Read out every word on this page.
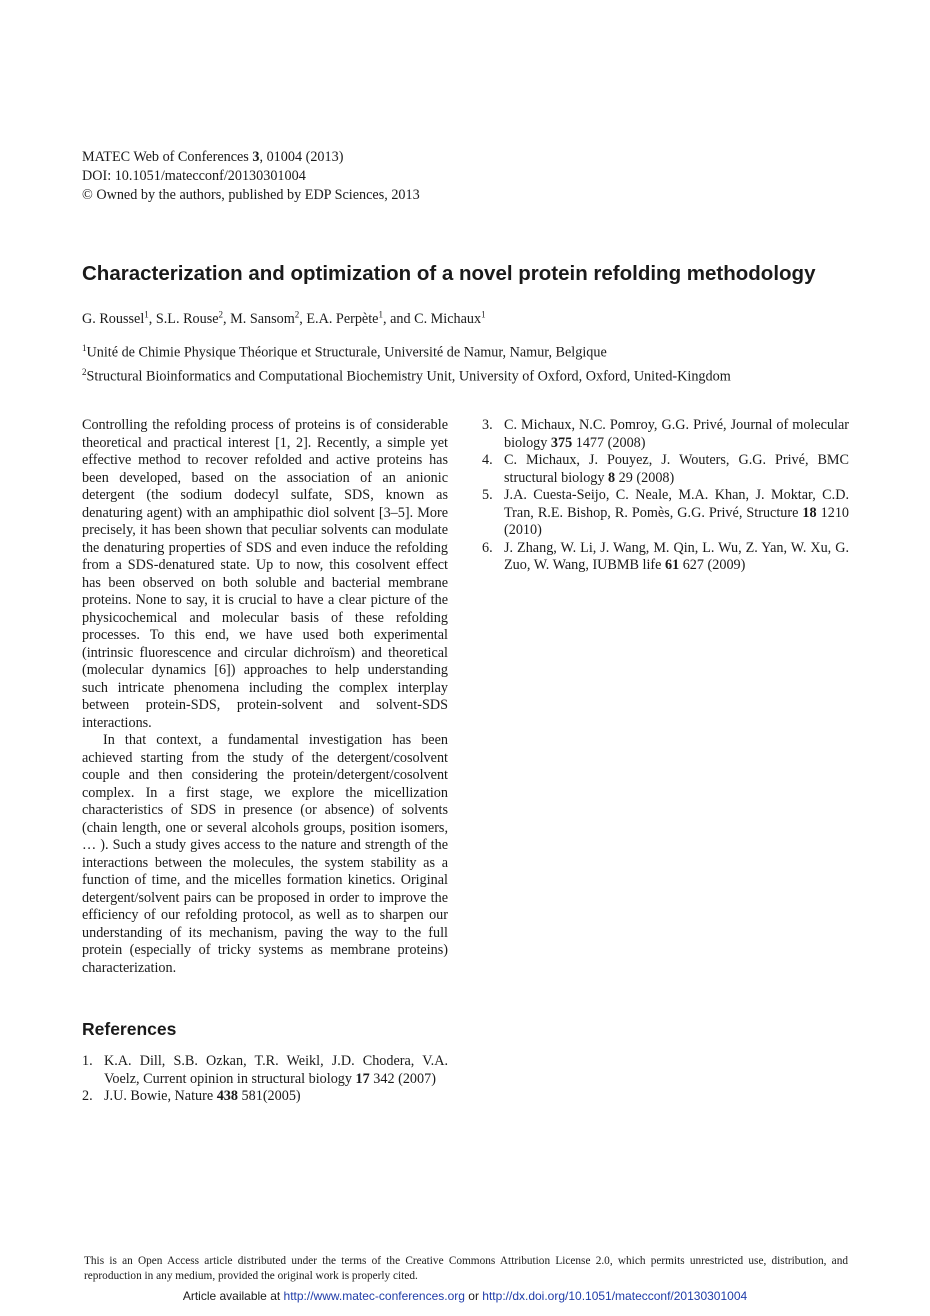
MATEC Web of Conferences 3, 01004 (2013)
DOI: 10.1051/matecconf/20130301004
© Owned by the authors, published by EDP Sciences, 2013
Characterization and optimization of a novel protein refolding methodology
G. Roussel$^1$, S.L. Rouse$^2$, M. Sansom$^2$, E.A. Perpète$^1$, and C. Michaux$^1$
$^1$Unité de Chimie Physique Théorique et Structurale, Université de Namur, Namur, Belgique
$^2$Structural Bioinformatics and Computational Biochemistry Unit, University of Oxford, Oxford, United-Kingdom

Controlling the refolding process of proteins is of considerable theoretical and practical interest [1, 2]. Recently, a simple yet effective method to recover refolded and active proteins has been developed, based on the association of an anionic detergent (the sodium dodecyl sulfate, SDS, known as denaturing agent) with an amphipathic diol solvent [3–5]. More precisely, it has been shown that peculiar solvents can modulate the denaturing properties of SDS and even induce the refolding from a SDS-denatured state. Up to now, this cosolvent effect has been observed on both soluble and bacterial membrane proteins. None to say, it is crucial to have a clear picture of the physicochemical and molecular basis of these refolding processes. To this end, we have used both experimental (intrinsic fluorescence and circular dichroïsm) and theoretical (molecular dynamics [6]) approaches to help understanding such intricate phenomena including the complex interplay between protein-SDS, protein-solvent and solvent-SDS interactions.

In that context, a fundamental investigation has been achieved starting from the study of the detergent/cosolvent couple and then considering the protein/detergent/cosolvent complex. In a first stage, we explore the micellization characteristics of SDS in presence (or absence) of solvents (chain length, one or several alcohols groups, position isomers, … ). Such a study gives access to the nature and strength of the interactions between the molecules, the system stability as a function of time, and the micelles formation kinetics. Original detergent/solvent pairs can be proposed in order to improve the efficiency of our refolding protocol, as well as to sharpen our understanding of its mechanism, paving the way to the full protein (especially of tricky systems as membrane proteins) characterization.

References
1. K.A. Dill, S.B. Ozkan, T.R. Weikl, J.D. Chodera, V.A. Voelz, Current opinion in structural biology 17 342 (2007)
2. J.U. Bowie, Nature 438 581(2005)
3. C. Michaux, N.C. Pomroy, G.G. Privé, Journal of molecular biology 375 1477 (2008)
4. C. Michaux, J. Pouyez, J. Wouters, G.G. Privé, BMC structural biology 8 29 (2008)
5. J.A. Cuesta-Seijo, C. Neale, M.A. Khan, J. Moktar, C.D. Tran, R.E. Bishop, R. Pomès, G.G. Privé, Structure 18 1210 (2010)
6. J. Zhang, W. Li, J. Wang, M. Qin, L. Wu, Z. Yan, W. Xu, G. Zuo, W. Wang, IUBMB life 61 627 (2009)
This is an Open Access article distributed under the terms of the Creative Commons Attribution License 2.0, which permits unrestricted use, distribution, and reproduction in any medium, provided the original work is properly cited.
Article available at http://www.matec-conferences.org or http://dx.doi.org/10.1051/matecconf/20130301004
